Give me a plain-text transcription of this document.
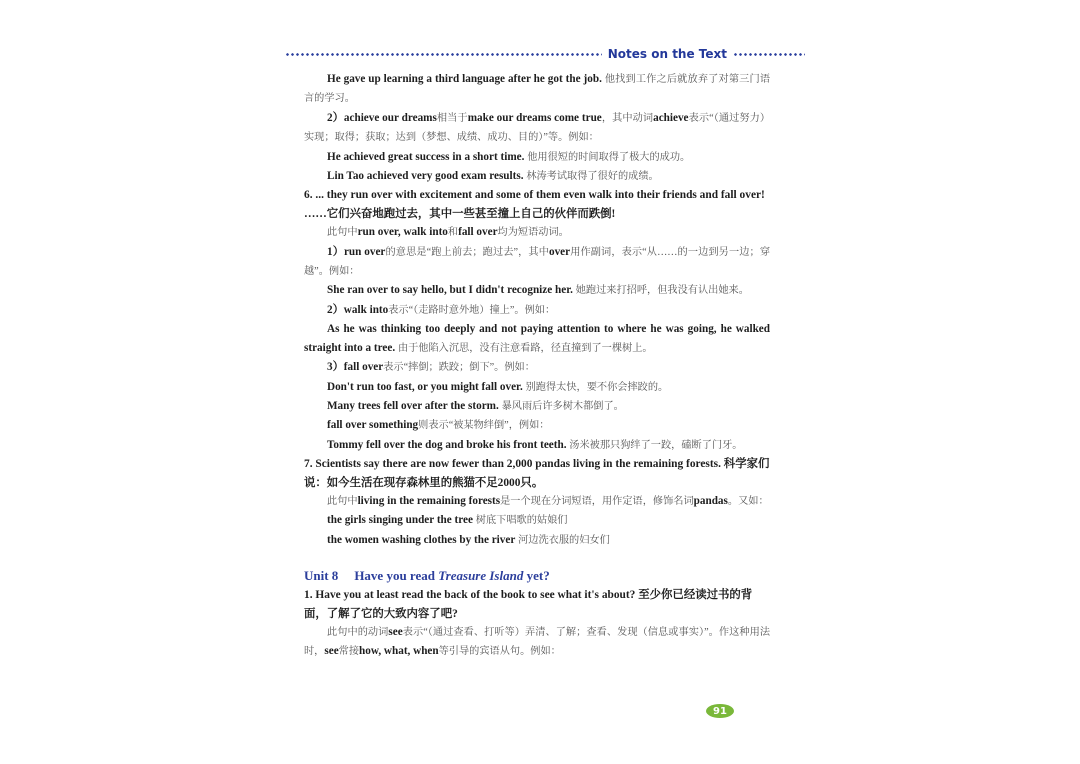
Notes on the Text

He gave up learning a third language after he got the job. 他找到工作之后就放弃了对第三门语言的学习。

2）achieve our dreams相当于make our dreams come true，其中动词achieve表示“（通过努力）实现；取得；获取；达到（梦想、成绩、成功、目的）”等。例如：

He achieved great success in a short time. 他用很短的时间取得了极大的成功。

Lin Tao achieved very good exam results. 林涛考试取得了很好的成绩。

6. ... they run over with excitement and some of them even walk into their friends and fall over! ……它们兴奋地跑过去，其中一些甚至撞上自己的伙伴而跌倒!

此句中run over, walk into和fall over均为短语动词。

1）run over的意思是“跑上前去；跑过去”，其中over用作副词，表示“从……的一边到另一边；穿越”。例如：

She ran over to say hello, but I didn't recognize her. 她跑过来打招呼，但我没有认出她来。

2）walk into表示“（走路时意外地）撞上”。例如：

As he was thinking too deeply and not paying attention to where he was going, he walked straight into a tree. 由于他陷入沉思，没有注意看路，径直撞到了一棵树上。

3）fall over表示“摔倒；跌跤；倒下”。例如：

Don't run too fast, or you might fall over. 别跑得太快，要不你会摔跤的。

Many trees fell over after the storm. 暴风雨后许多树木都倒了。

fall over something则表示“被某物绊倒”，例如：

Tommy fell over the dog and broke his front teeth. 汤米被那只狗绊了一跤，磕断了门牙。

7. Scientists say there are now fewer than 2,000 pandas living in the remaining forests. 科学家们说：如今生活在现存森林里的熊猫不足2000只。

此句中living in the remaining forests是一个现在分词短语，用作定语，修饰名词pandas。又如：

the girls singing under the tree 树底下唱歌的姑娘们

the women washing clothes by the river 河边洗衣服的妇女们

Unit 8 Have you read Treasure Island yet?

1. Have you at least read the back of the book to see what it's about? 至少你已经读过书的背面，了解了它的大致内容了吧?

此句中的动词see表示“（通过查看、打听等）弄清、了解；查看、发现（信息或事实）”。作这种用法时，see常接how, what, when等引导的宾语从句。例如：

91
